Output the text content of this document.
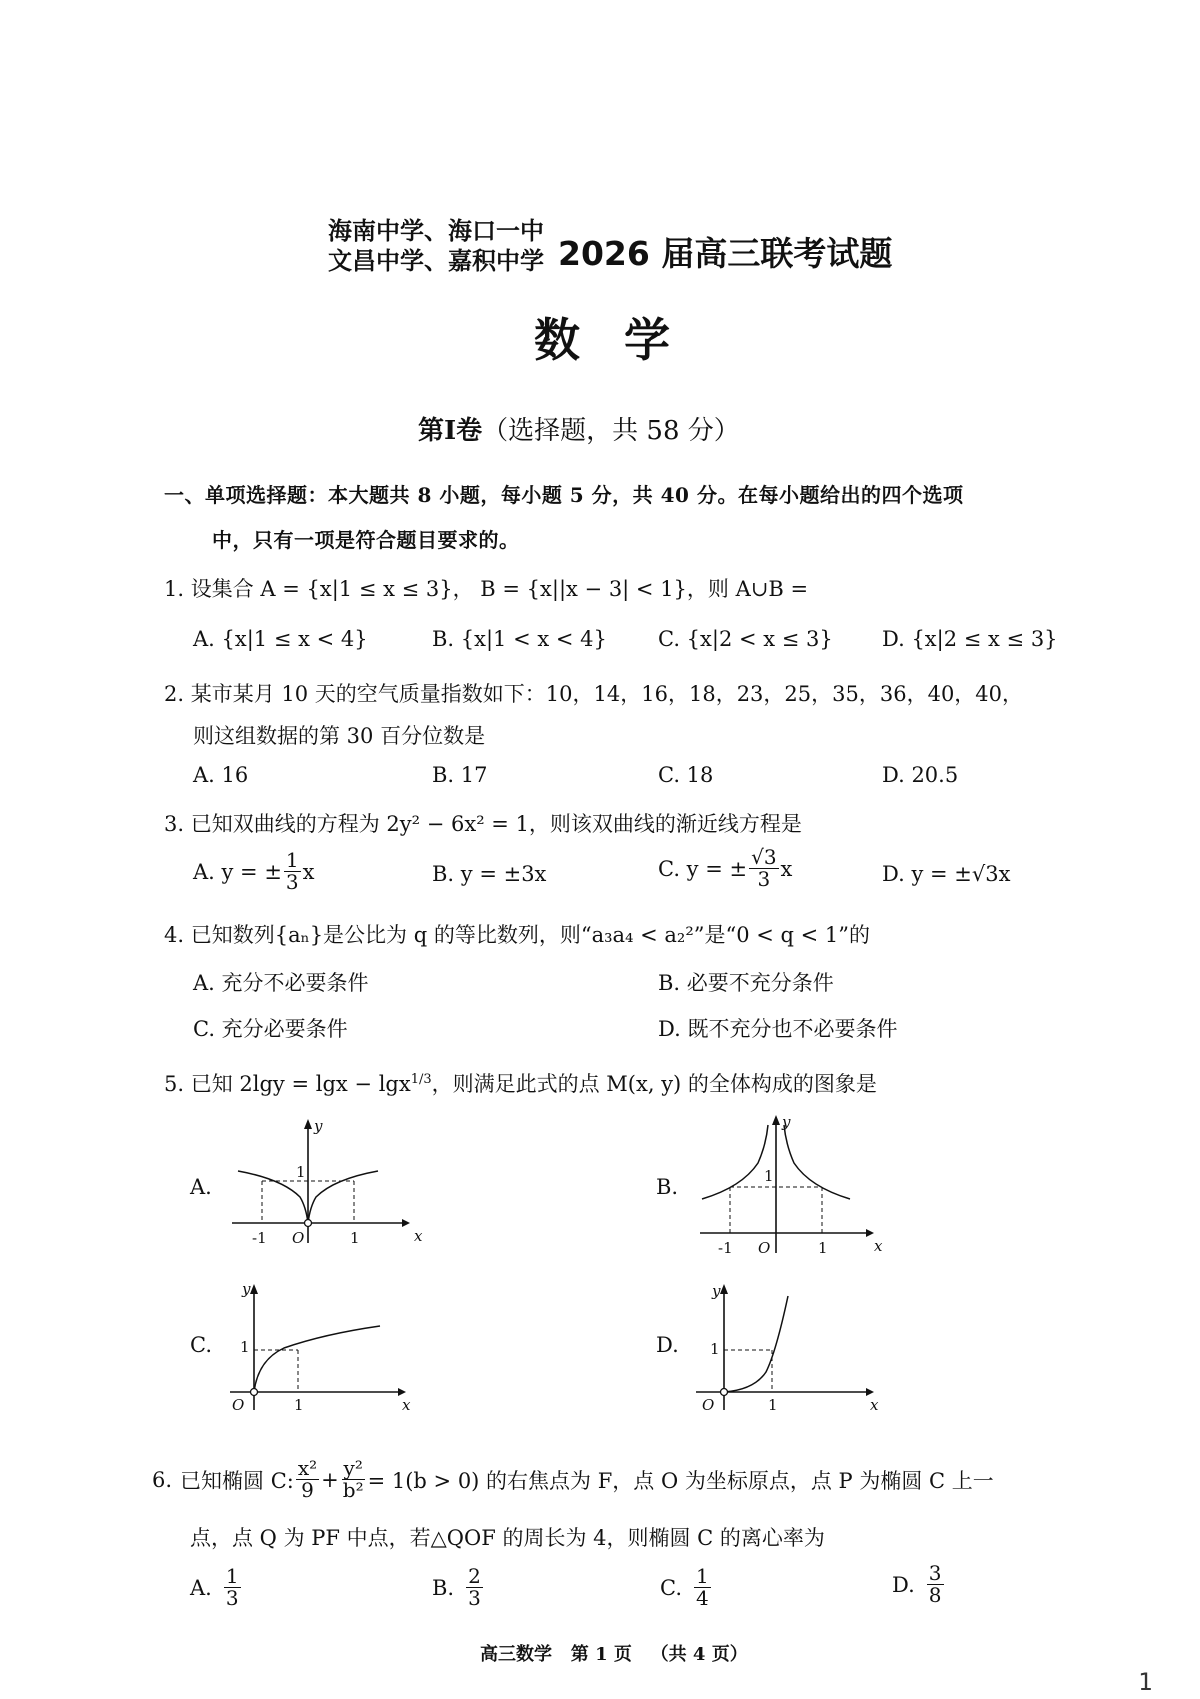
海南中学、海口一中
文昌中学、嘉积中学 2026 届高三联考试题
数学
第Ⅰ卷（选择题，共 58 分）
一、单项选择题：本大题共 8 小题，每小题 5 分，共 40 分。在每小题给出的四个选项
中，只有一项是符合题目要求的。
1. 设集合 A = {x|1 ≤ x ≤ 3}， B = {x||x − 3| < 1}，则 A∪B =
A. {x|1 ≤ x < 4}	B. {x|1 < x < 4} C. {x|2 < x ≤ 3} D. {x|2 ≤ x ≤ 3}
2. 某市某月 10 天的空气质量指数如下：10，14，16，18，23，25，35，36，40，40，
则这组数据的第 30 百分位数是
A. 16	B. 17	C. 18	D. 20.5
3. 已知双曲线的方程为 2y² − 6x² = 1，则该双曲线的渐近线方程是
A. y = ± $\frac{1}{3}$ x	B. y = ±3x	C. y = ± $\frac{√3}{3}$ x	D. y = ±√3x
4. 已知数列{aₙ}是公比为 q 的等比数列，则“a₃a₄ < a₂²”是“0 < q < 1”的
A. 充分不必要条件	B. 必要不充分条件
C. 充分必要条件	D. 既不充分也不必要条件
5. 已知 2lgy = lgx − lgx$^{1/3}$，则满足此式的点 M(x, y) 的全体构成的图象是
A.	B.
C.	D.
y
x
O
1
-1	1
y
x
O
1
-1	1
y
x
O
1
1
y
x
O
1
1
6. 已知椭圆 C: $\frac{\text{x²}}{9} + \frac{\text{y²}}{\text{b²}} = 1(b > 0)$ 的右焦点为 F，点 O 为坐标原点，点 P 为椭圆 C 上一
点，点 Q 为 PF 中点，若△QOF 的周长为 4，则椭圆 C 的离心率为
A. $\frac{1}{3}$	B. $\frac{2}{3}$	C. $\frac{1}{4}$	D. $\frac{3}{8}$
高三数学   第 1 页   （共 4 页）
1
